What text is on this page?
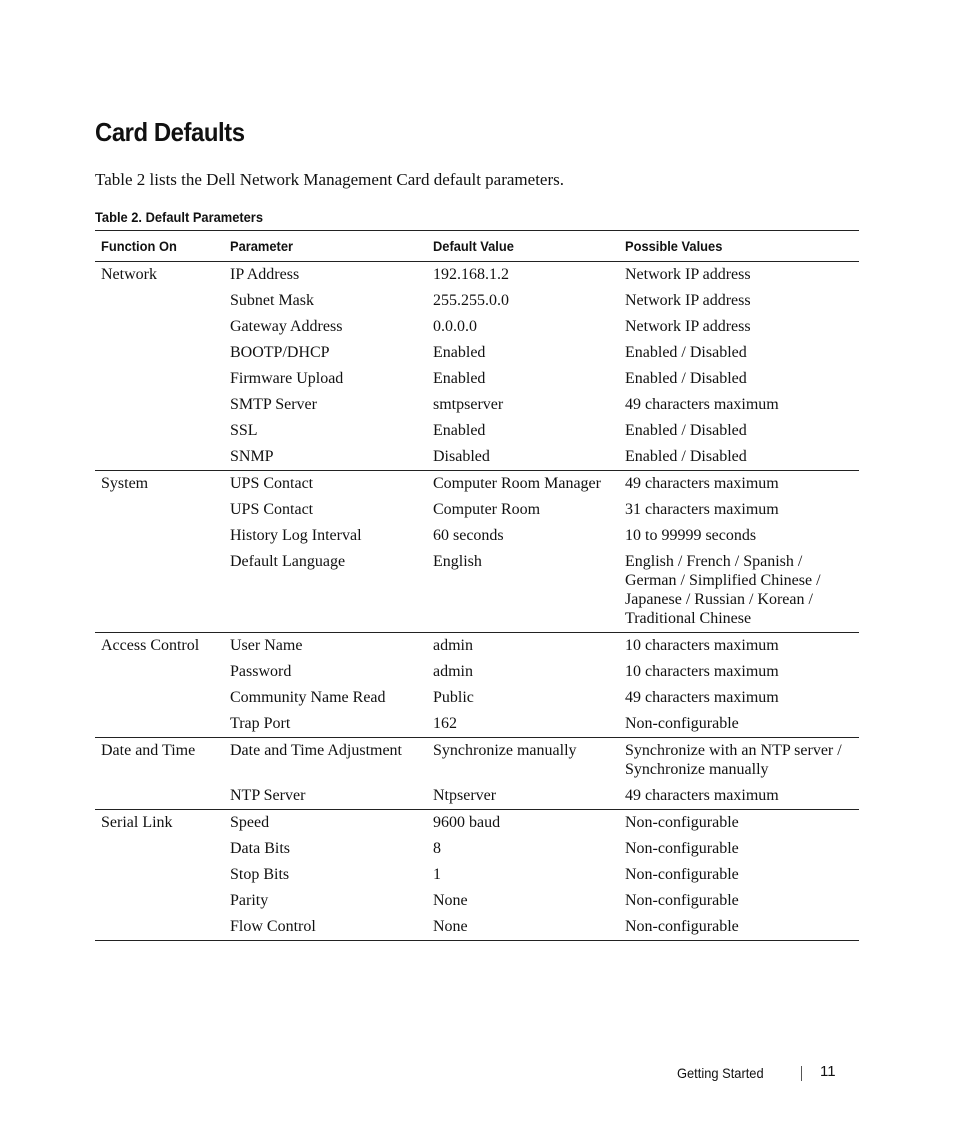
Card Defaults

Table 2 lists the Dell Network Management Card default parameters.

Table 2. Default Parameters
Function On	Parameter	Default Value	Possible Values
Network	IP Address	192.168.1.2	Network IP address
	Subnet Mask	255.255.0.0	Network IP address
	Gateway Address	0.0.0.0	Network IP address
	BOOTP/DHCP	Enabled	Enabled / Disabled
	Firmware Upload	Enabled	Enabled / Disabled
	SMTP Server	smtpserver	49 characters maximum
	SSL	Enabled	Enabled / Disabled
	SNMP	Disabled	Enabled / Disabled
System	UPS Contact	Computer Room Manager	49 characters maximum
	UPS Contact	Computer Room	31 characters maximum
	History Log Interval	60 seconds	10 to 99999 seconds
	Default Language	English	English / French / Spanish / German / Simplified Chinese / Japanese / Russian / Korean / Traditional Chinese
Access Control	User Name	admin	10 characters maximum
	Password	admin	10 characters maximum
	Community Name Read	Public	49 characters maximum
	Trap Port	162	Non-configurable
Date and Time	Date and Time Adjustment	Synchronize manually	Synchronize with an NTP server / Synchronize manually
	NTP Server	Ntpserver	49 characters maximum
Serial Link	Speed	9600 baud	Non-configurable
	Data Bits	8	Non-configurable
	Stop Bits	1	Non-configurable
	Parity	None	Non-configurable
	Flow Control	None	Non-configurable
Getting Started	11
